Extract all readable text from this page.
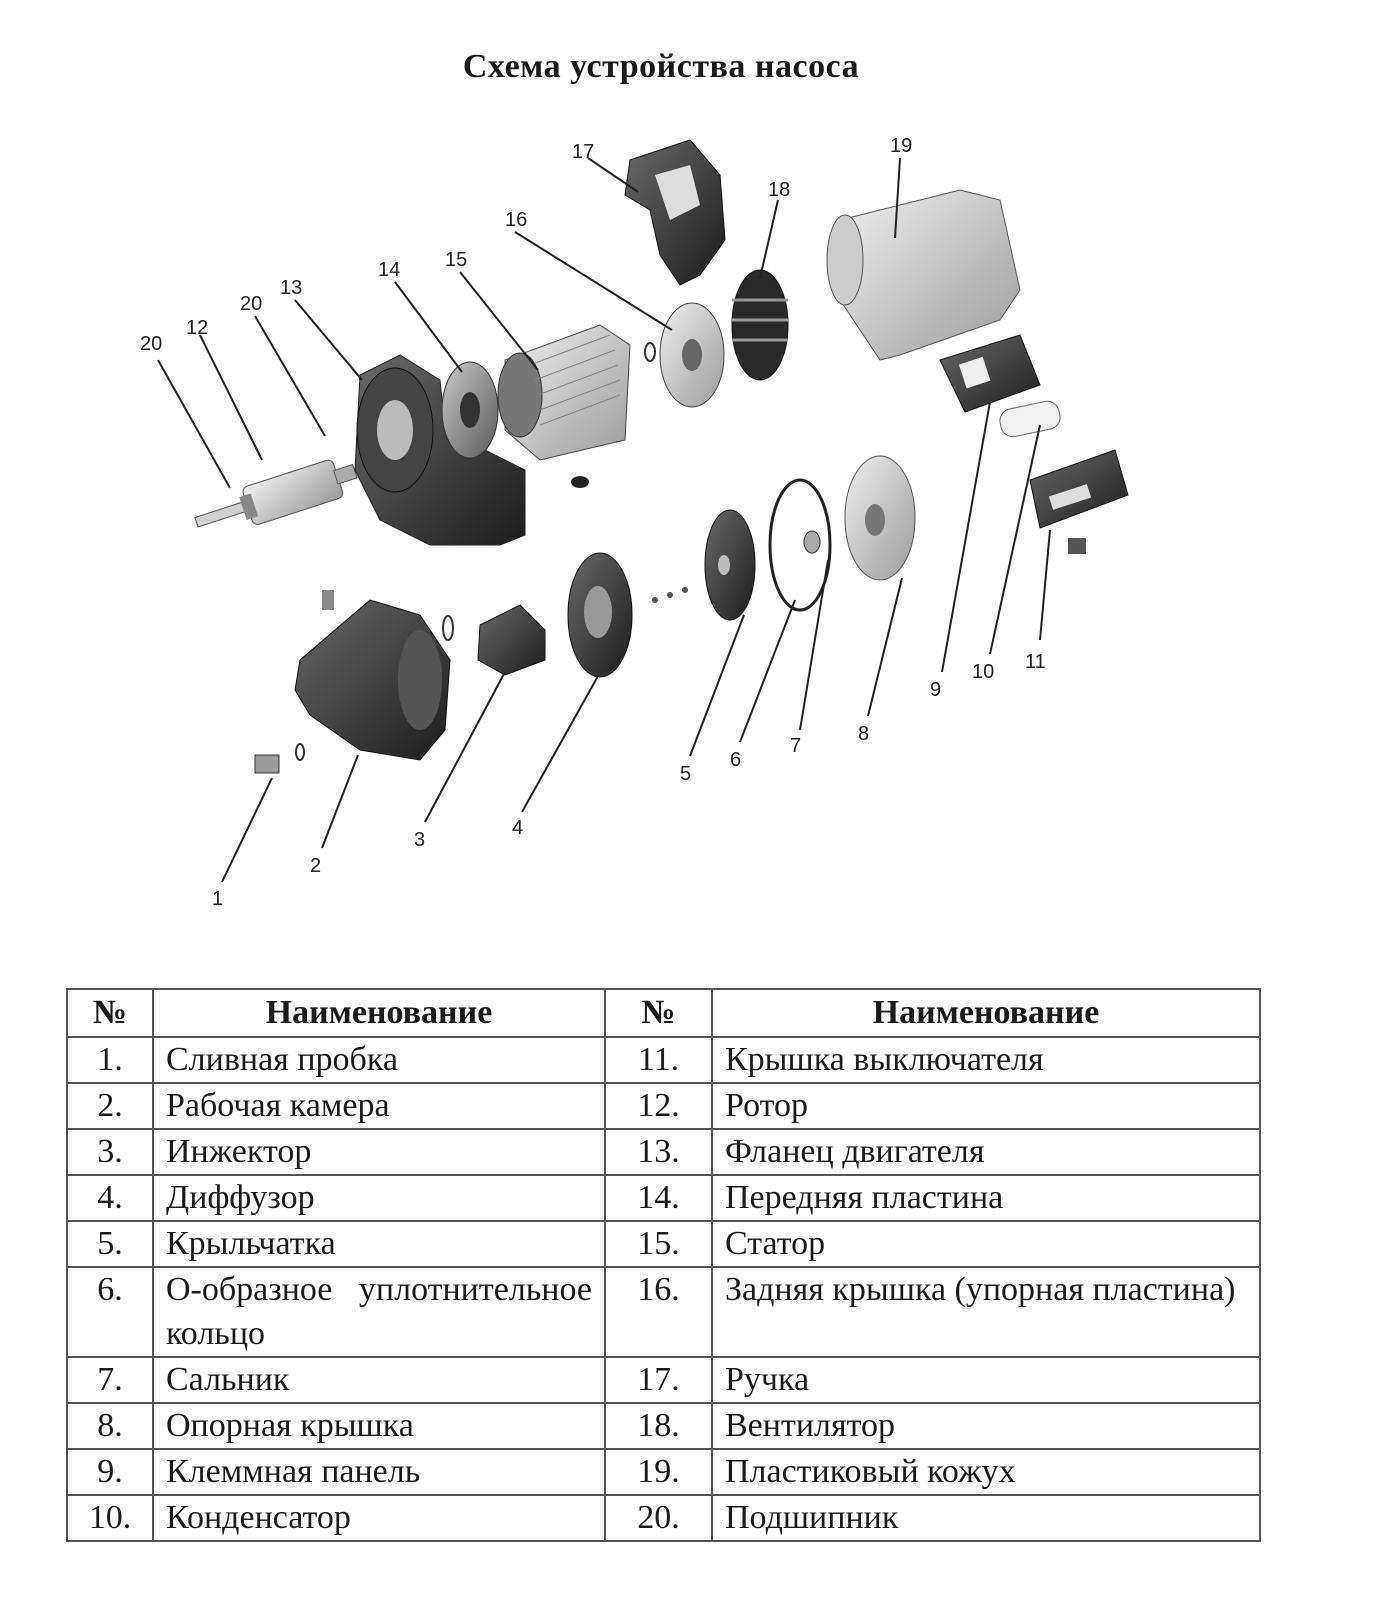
Схема устройства насоса
1
2
3
4
5
6
7
8
9
10 11
12
13
14 15
16
17
18
19
20
20
№	Наименование	№	Наименование
1.	Сливная пробка	11.	Крышка выключателя
2.	Рабочая камера	12.	Ротор
3.	Инжектор	13.	Фланец двигателя
4.	Диффузор	14.	Передняя пластина
5.	Крыльчатка	15.	Статор
6.	О-образное уплотнительное кольцо	16.	Задняя крышка (упорная пластина)
7.	Сальник	17.	Ручка
8.	Опорная крышка	18.	Вентилятор
9.	Клеммная панель	19.	Пластиковый кожух
10.	Конденсатор	20.	Подшипник
